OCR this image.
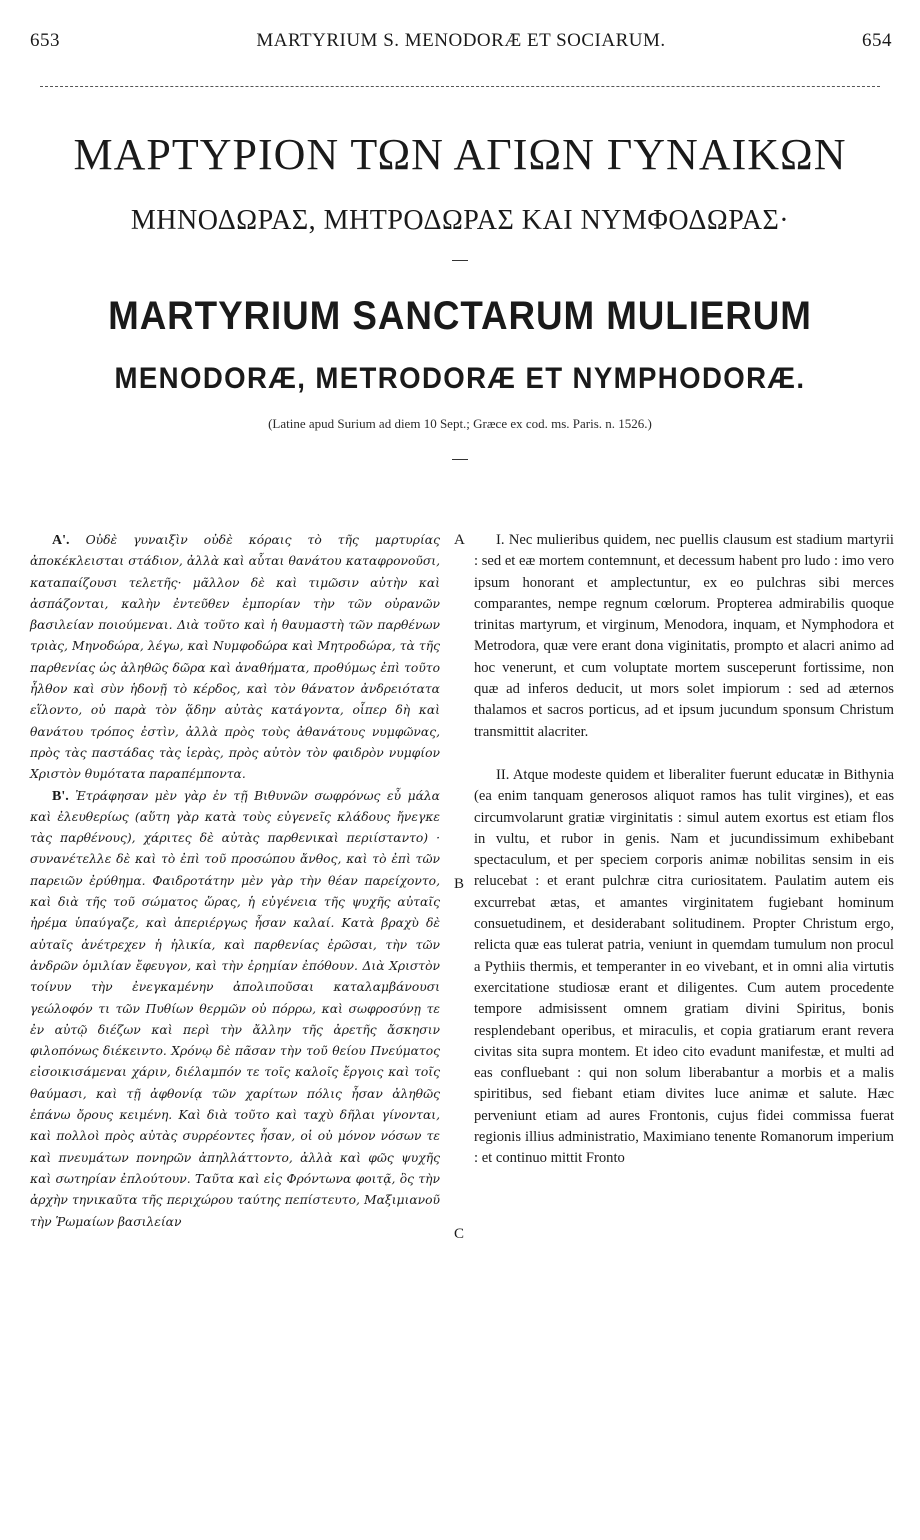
653	MARTYRIUM S. MENODORÆ ET SOCIARUM.	654
ΜΑΡΤΥΡΙΟΝ ΤΩΝ ΑΓΙΩΝ ΓΥΝΑΙΚΩΝ
ΜΗΝΟΔΩΡΑΣ, ΜΗΤΡΟΔΩΡΑΣ ΚΑΙ ΝΥΜΦΟΔΩΡΑΣ·
MARTYRIUM SANCTARUM MULIERUM
MENODORÆ, METRODORÆ ET NYMPHODORÆ.
(Latine apud Surium ad diem 10 Sept.; Græce ex cod. ms. Paris. n. 1526.)

Α'. Οὐδὲ γυναιξὶν οὐδὲ κόραις τὸ τῆς μαρτυρίας ἀποκέκλεισται στάδιον, ἀλλὰ καὶ αὗται θανάτου καταφρονοῦσι, καταπαίζουσι τελετῆς· μᾶλλον δὲ καὶ τιμῶσιν αὐτὴν καὶ ἀσπάζονται, καλὴν ἐντεῦθεν ἐμπορίαν τὴν τῶν οὐρανῶν βασιλείαν ποιούμεναι. Διὰ τοῦτο καὶ ἡ θαυμαστὴ τῶν παρθένων τριὰς, Μηνοδώρα, λέγω, καὶ Νυμφοδώρα καὶ Μητροδώρα, τὰ τῆς παρθενίας ὡς ἀληθῶς δῶρα καὶ ἀναθήματα, προθύμως ἐπὶ τοῦτο ἦλθον καὶ σὺν ἡδονῇ τὸ κέρδος, καὶ τὸν θάνατον ἀνδρειότατα εἵλοντο, οὐ παρὰ τὸν ᾅδην αὐτὰς κατάγοντα, οἷπερ δὴ καὶ θανάτου τρόπος ἐστὶν, ἀλλὰ πρὸς τοὺς ἀθανάτους νυμφῶνας, πρὸς τὰς παστάδας τὰς ἱερὰς, πρὸς αὐτὸν τὸν φαιδρὸν νυμφίον Χριστὸν θυμότατα παραπέμποντα.

Β'. Ἐτράφησαν μὲν γὰρ ἐν τῇ Βιθυνῶν σωφρόνως εὖ μάλα καὶ ἐλευθερίως (αὕτη γὰρ κατὰ τοὺς εὐγενεῖς κλάδους ἤνεγκε τὰς παρθένους), χάριτες δὲ αὐτὰς παρθενικαὶ περιίσταντο) · συνανέτελλε δὲ καὶ τὸ ἐπὶ τοῦ προσώπου ἄνθος, καὶ τὸ ἐπὶ τῶν παρειῶν ἐρύθημα. Φαιδροτάτην μὲν γὰρ τὴν θέαν παρείχοντο, καὶ διὰ τῆς τοῦ σώματος ὥρας, ἡ εὐγένεια τῆς ψυχῆς αὐταῖς ἠρέμα ὑπαύγαζε, καὶ ἀπεριέργως ἦσαν καλαί. Κατὰ βραχὺ δὲ αὐταῖς ἀνέτρεχεν ἡ ἡλικία, καὶ παρθενίας ἐρῶσαι, τὴν τῶν ἀνδρῶν ὁμιλίαν ἔφευγον, καὶ τὴν ἐρημίαν ἐπόθουν. Διὰ Χριστὸν τοίνυν τὴν ἐνεγκαμένην ἀπολιποῦσαι καταλαμβάνουσι γεώλοφόν τι τῶν Πυθίων θερμῶν οὐ πόρρω, καὶ σωφροσύνῃ τε ἐν αὐτῷ διέζων καὶ περὶ τὴν ἄλλην τῆς ἀρετῆς ἄσκησιν φιλοπόνως διέκειντο. Χρόνῳ δὲ πᾶσαν τὴν τοῦ θείου Πνεύματος εἰσοικισάμεναι χάριν, διέλαμπόν τε τοῖς καλοῖς ἔργοις καὶ τοῖς θαύμασι, καὶ τῇ ἀφθονίᾳ τῶν χαρίτων πόλις ἦσαν ἀληθῶς ἐπάνω ὄρους κειμένη. Καὶ διὰ τοῦτο καὶ ταχὺ δῆλαι γίνονται, καὶ πολλοὶ πρὸς αὐτὰς συρρέοντες ἦσαν, οἱ οὐ μόνον νόσων τε καὶ πνευμάτων πονηρῶν ἀπηλλάττοντο, ἀλλὰ καὶ φῶς ψυχῆς καὶ σωτηρίαν ἐπλούτουν. Ταῦτα καὶ εἰς Φρόντωνα φοιτᾷ, ὃς τὴν ἀρχὴν τηνικαῦτα τῆς περιχώρου ταύτης πεπίστευτο, Μαξιμιανοῦ τὴν Ῥωμαίων βασιλείαν

A
B
C

I. Nec mulieribus quidem, nec puellis clausum est stadium martyrii : sed et eæ mortem contemnunt, et decessum habent pro ludo : imo vero ipsum honorant et amplectuntur, ex eo pulchras sibi merces comparantes, nempe regnum cœlorum. Propterea admirabilis quoque trinitas martyrum, et virginum, Menodora, inquam, et Nymphodora et Metrodora, quæ vere erant dona viginitatis, prompto et alacri animo ad hoc venerunt, et cum voluptate mortem susceperunt fortissime, non quæ ad inferos deducit, ut mors solet impiorum : sed ad æternos thalamos et sacros porticus, ad et ipsum jucundum sponsum Christum transmittit alacriter.

II. Atque modeste quidem et liberaliter fuerunt educatæ in Bithynia (ea enim tanquam generosos aliquot ramos has tulit virgines), et eas circumvolarunt gratiæ virginitatis : simul autem exortus est etiam flos in vultu, et rubor in genis. Nam et jucundissimum exhibebant spectaculum, et per speciem corporis animæ nobilitas sensim in eis relucebat : et erant pulchræ citra curiositatem. Paulatim autem eis excurrebat ætas, et amantes virginitatem fugiebant hominum consuetudinem, et desiderabant solitudinem. Propter Christum ergo, relicta quæ eas tulerat patria, veniunt in quemdam tumulum non procul a Pythiis thermis, et temperanter in eo vivebant, et in omni alia virtutis exercitatione studiosæ erant et diligentes. Cum autem procedente tempore admisissent omnem gratiam divini Spiritus, bonis resplendebant operibus, et miraculis, et copia gratiarum erant revera civitas sita supra montem. Et ideo cito evadunt manifestæ, et multi ad eas confluebant : qui non solum liberabantur a morbis et a malis spiritibus, sed fiebant etiam divites luce animæ et salute. Hæc perveniunt etiam ad aures Frontonis, cujus fidei commissa fuerat regionis illius administratio, Maximiano tenente Romanorum imperium : et continuo mittit Fronto
